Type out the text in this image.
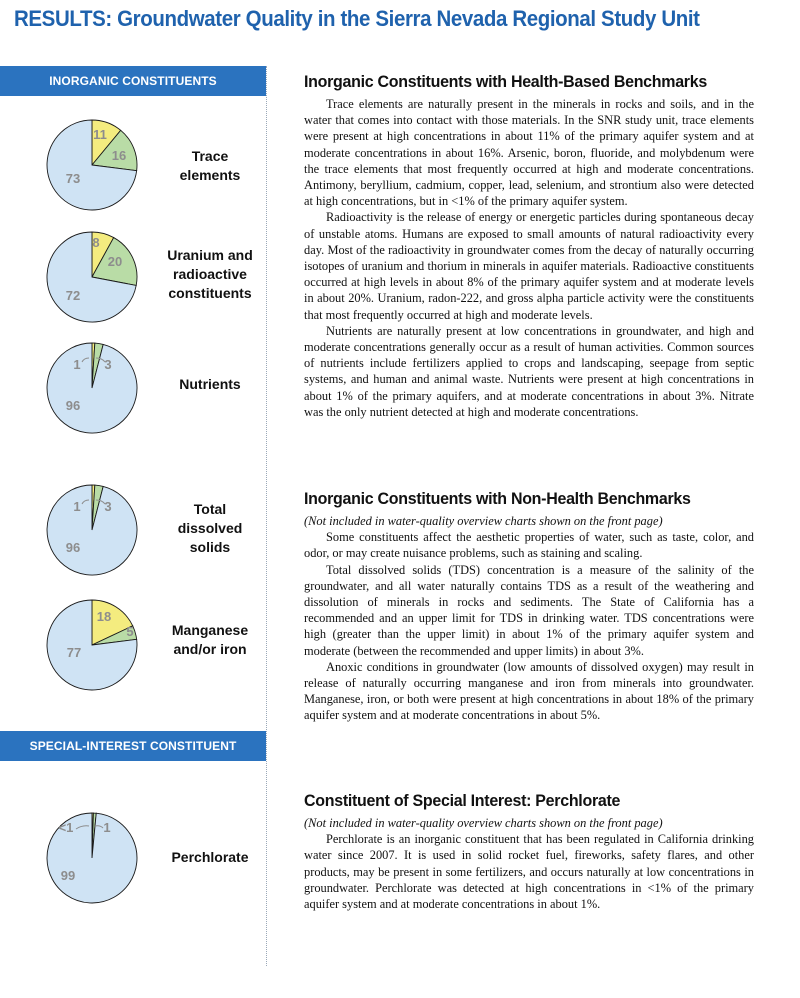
RESULTS: Groundwater Quality in the Sierra Nevada Regional Study Unit
INORGANIC CONSTITUENTS
SPECIAL-INTEREST CONSTITUENT
11
16
73
Trace
elements
8
20
72
Uranium and
radioactive
constituents
1 3
96
Nutrients
1 3
96
Total
dissolved
solids
18
5
77
Manganese
and/or iron
<1 1
99
Perchlorate
Inorganic Constituents with Health-Based Benchmarks

Trace elements are naturally present in the minerals in rocks and soils, and in the water that comes into contact with those materials. In the SNR study unit, trace elements were present at high concentrations in about 11% of the primary aquifer system and at moderate concentrations in about 16%. Arsenic, boron, fluoride, and molybdenum were the trace elements that most frequently occurred at high and moderate concentrations. Antimony, beryllium, cadmium, copper, lead, selenium, and strontium also were detected at high concentrations, but in <1% of the primary aquifer system.

Radioactivity is the release of energy or energetic particles during spontaneous decay of unstable atoms. Humans are exposed to small amounts of natural radioactivity every day. Most of the radioactivity in groundwater comes from the decay of naturally occurring isotopes of uranium and thorium in minerals in aquifer materials. Radioactive constituents occurred at high levels in about 8% of the primary aquifer system and at moderate levels in about 20%. Uranium, radon-222, and gross alpha particle activity were the constituents that most frequently occurred at high and moderate levels.

Nutrients are naturally present at low concentrations in groundwater, and high and moderate concentrations generally occur as a result of human activities. Common sources of nutrients include fertilizers applied to crops and landscaping, seepage from septic systems, and human and animal waste. Nutrients were present at high concentrations in about 1% of the primary aquifers, and at moderate concentrations in about 3%. Nitrate was the only nutrient detected at high and moderate concentrations.

Inorganic Constituents with Non-Health Benchmarks

(Not included in water-quality overview charts shown on the front page)

Some constituents affect the aesthetic properties of water, such as taste, color, and odor, or may create nuisance problems, such as staining and scaling.

Total dissolved solids (TDS) concentration is a measure of the salinity of the groundwater, and all water naturally contains TDS as a result of the weathering and dissolution of minerals in rocks and sediments. The State of California has a recommended and an upper limit for TDS in drinking water. TDS concentrations were high (greater than the upper limit) in about 1% of the primary aquifer system and moderate (between the recommended and upper limits) in about 3%.

Anoxic conditions in groundwater (low amounts of dissolved oxygen) may result in release of naturally occurring manganese and iron from minerals into groundwater. Manganese, iron, or both were present at high concentrations in about 18% of the primary aquifer system and at moderate concentrations in about 5%.

Constituent of Special Interest: Perchlorate

(Not included in water-quality overview charts shown on the front page)

Perchlorate is an inorganic constituent that has been regulated in California drinking water since 2007. It is used in solid rocket fuel, fireworks, safety flares, and other products, may be present in some fertilizers, and occurs naturally at low concentrations in groundwater. Perchlorate was detected at high concentrations in <1% of the primary aquifer system and at moderate concentrations in about 1%.
